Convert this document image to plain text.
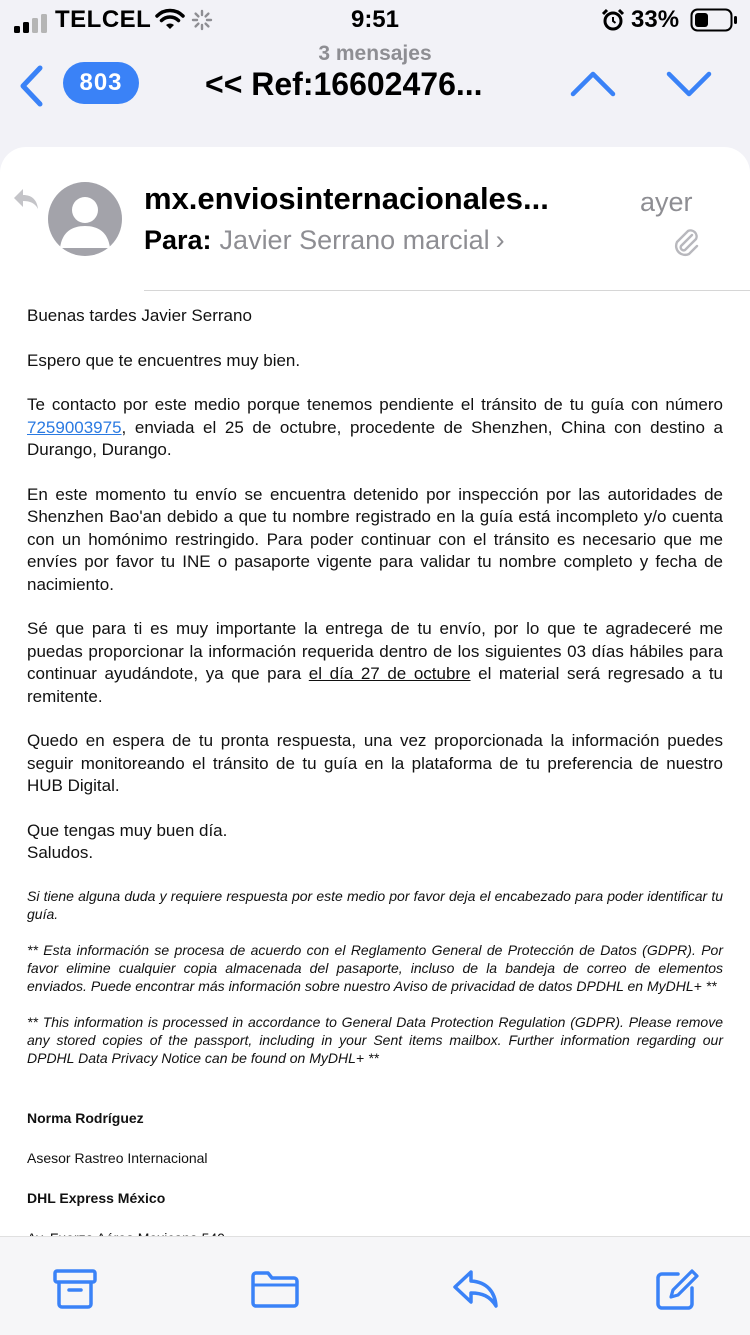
TELCEL	9:51	33%
3 mensajes
803	<< Ref:16602476...
mx.enviosinternacionales...	ayer
Para: Javier Serrano marcial ›

Buenas tardes Javier Serrano

Espero que te encuentres muy bien.

Te contacto por este medio porque tenemos pendiente el tránsito de tu guía con número 7259003975, enviada el 25 de octubre, procedente de Shenzhen, China con destino a Durango, Durango.

En este momento tu envío se encuentra detenido por inspección por las autoridades de Shenzhen Bao'an debido a que tu nombre registrado en la guía está incompleto y/o cuenta con un homónimo restringido. Para poder continuar con el tránsito es necesario que me envíes por favor tu INE o pasaporte vigente para validar tu nombre completo y fecha de nacimiento.

Sé que para ti es muy importante la entrega de tu envío, por lo que te agradeceré me puedas proporcionar la información requerida dentro de los siguientes 03 días hábiles para continuar ayudándote, ya que para el día 27 de octubre el material será regresado a tu remitente.

Quedo en espera de tu pronta respuesta, una vez proporcionada la información puedes seguir monitoreando el tránsito de tu guía en la plataforma de tu preferencia de nuestro HUB Digital.

Que tengas muy buen día.

Saludos.

Si tiene alguna duda y requiere respuesta por este medio por favor deja el encabezado para poder identificar tu guía.

** Esta información se procesa de acuerdo con el Reglamento General de Protección de Datos (GDPR). Por favor elimine cualquier copia almacenada del pasaporte, incluso de la bandeja de correo de elementos enviados. Puede encontrar más información sobre nuestro Aviso de privacidad de datos DPDHL en MyDHL+ **

** This information is processed in accordance to General Data Protection Regulation (GDPR). Please remove any stored copies of the passport, including in your Sent items mailbox. Further information regarding our DPDHL Data Privacy Notice can be found on MyDHL+ **

Norma Rodríguez

Asesor Rastreo Internacional

DHL Express México
